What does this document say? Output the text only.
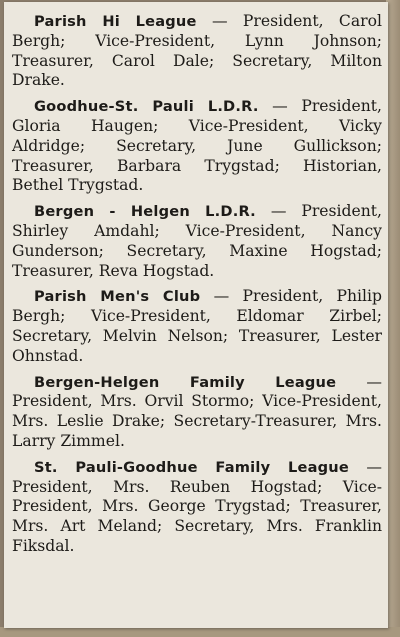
Parish Hi League — President, Carol Bergh; Vice-President, Lynn Johnson; Treasurer, Carol Dale; Secretary, Milton Drake.

Goodhue-St. Pauli L.D.R. — President, Gloria Haugen; Vice-President, Vicky Aldridge; Secretary, June Gullickson; Treasurer, Barbara Trygstad; Historian, Bethel Trygstad.

Bergen - Helgen L.D.R. — President, Shirley Amdahl; Vice-President, Nancy Gunderson; Secretary, Maxine Hogstad; Treasurer, Reva Hogstad.

Parish Men's Club — President, Philip Bergh; Vice-President, Eldomar Zirbel; Secretary, Melvin Nelson; Treasurer, Lester Ohnstad.

Bergen-Helgen Family League — President, Mrs. Orvil Stormo; Vice-President, Mrs. Leslie Drake; Secretary-Treasurer, Mrs. Larry Zimmel.

St. Pauli-Goodhue Family League — President, Mrs. Reuben Hogstad; Vice-President, Mrs. George Trygstad; Treasurer, Mrs. Art Meland; Secretary, Mrs. Franklin Fiksdal.
